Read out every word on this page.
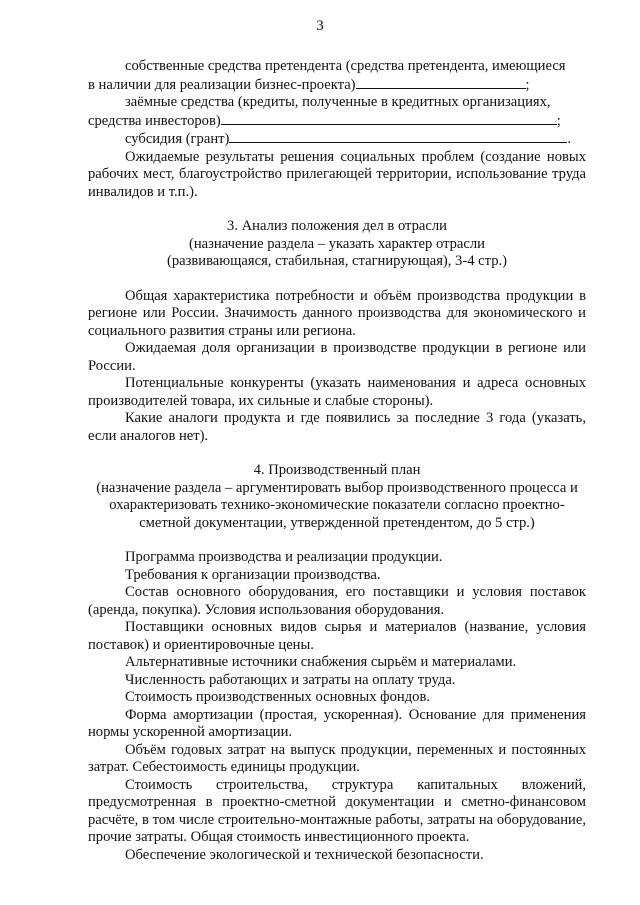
3

собственные средства претендента (средства претендента, имеющиеся

в наличии для реализации бизнес-проекта)	;

заёмные средства (кредиты, полученные в кредитных организациях,

средства инвесторов)	;

субсидия (грант)	.

Ожидаемые результаты решения социальных проблем (создание новых рабочих мест, благоустройство прилегающей территории, использование труда инвалидов и т.п.).

3. Анализ положения дел в отрасли

(назначение раздела – указать характер отрасли

(развивающаяся, стабильная, стагнирующая), 3-4 стр.)

Общая характеристика потребности и объём производства продукции в регионе или России. Значимость данного производства для экономического и социального развития страны или региона.

Ожидаемая доля организации в производстве продукции в регионе или России.

Потенциальные конкуренты (указать наименования и адреса основных производителей товара, их сильные и слабые стороны).

Какие аналоги продукта и где появились за последние 3 года (указать, если аналогов нет).

4. Производственный план

(назначение раздела – аргументировать выбор производственного процесса и

охарактеризовать технико-экономические показатели согласно проектно-

сметной документации, утвержденной претендентом, до 5 стр.)

Программа производства и реализации продукции.

Требования к организации производства.

Состав основного оборудования, его поставщики и условия поставок (аренда, покупка). Условия использования оборудования.

Поставщики основных видов сырья и материалов (название, условия поставок) и ориентировочные цены.

Альтернативные источники снабжения сырьём и материалами.

Численность работающих и затраты на оплату труда.

Стоимость производственных основных фондов.

Форма амортизации (простая, ускоренная). Основание для применения нормы ускоренной амортизации.

Объём годовых затрат на выпуск продукции, переменных и постоянных затрат. Себестоимость единицы продукции.

Стоимость строительства, структура капитальных вложений, предусмотренная в проектно-сметной документации и сметно-финансовом расчёте, в том числе строительно-монтажные работы, затраты на оборудование, прочие затраты. Общая стоимость инвестиционного проекта.

Обеспечение экологической и технической безопасности.
